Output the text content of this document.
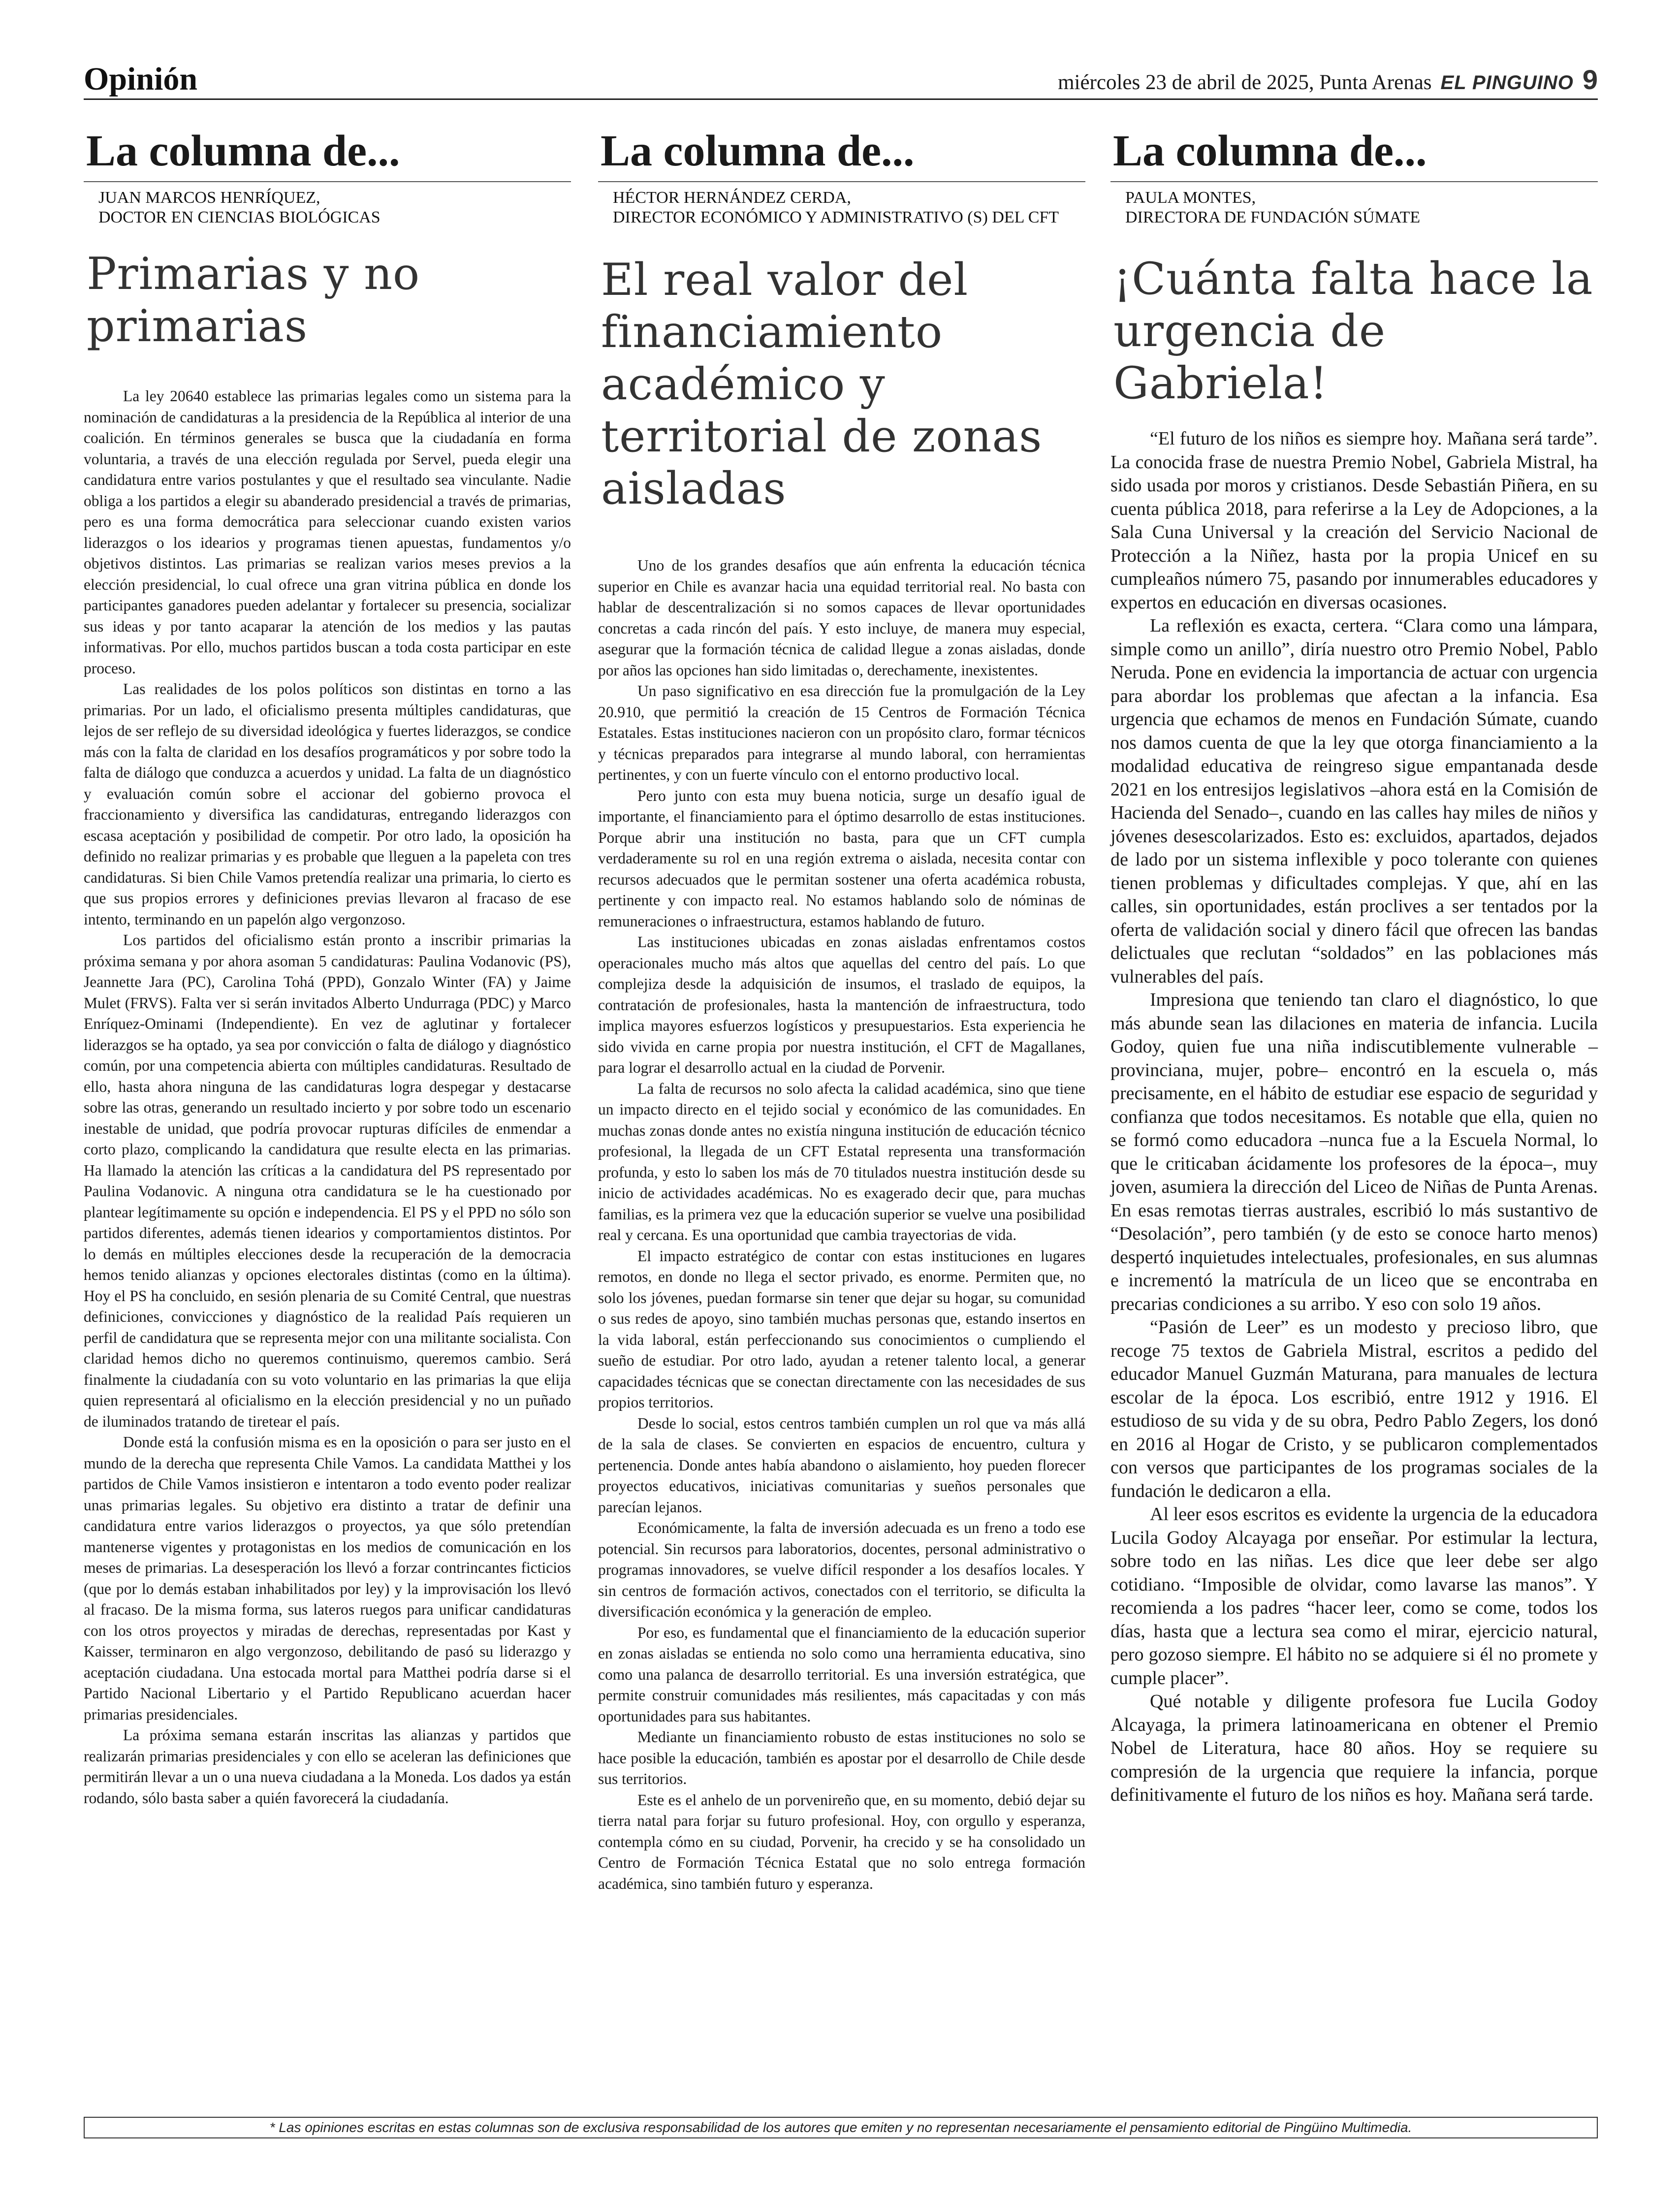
Opinión	miércoles 23 de abril de 2025, Punta Arenas EL PINGUINO 9
La columna de...
JUAN MARCOS HENRÍQUEZ,
DOCTOR EN CIENCIAS BIOLÓGICAS
Primarias y no primarias

La ley 20640 establece las primarias legales como un sistema para la nominación de candidaturas a la presidencia de la República al interior de una coalición. En términos generales se busca que la ciudadanía en forma voluntaria, a través de una elección regulada por Servel, pueda elegir una candidatura entre varios postulantes y que el resultado sea vinculante. Nadie obliga a los partidos a elegir su abanderado presidencial a través de primarias, pero es una forma democrática para seleccionar cuando existen varios liderazgos o los idearios y programas tienen apuestas, fundamentos y/o objetivos distintos. Las primarias se realizan varios meses previos a la elección presidencial, lo cual ofrece una gran vitrina pública en donde los participantes ganadores pueden adelantar y fortalecer su presencia, socializar sus ideas y por tanto acaparar la atención de los medios y las pautas informativas. Por ello, muchos partidos buscan a toda costa participar en este proceso.

Las realidades de los polos políticos son distintas en torno a las primarias. Por un lado, el oficialismo presenta múltiples candidaturas, que lejos de ser reflejo de su diversidad ideológica y fuertes liderazgos, se condice más con la falta de claridad en los desafíos programáticos y por sobre todo la falta de diálogo que conduzca a acuerdos y unidad. La falta de un diagnóstico y evaluación común sobre el accionar del gobierno provoca el fraccionamiento y diversifica las candidaturas, entregando liderazgos con escasa aceptación y posibilidad de competir. Por otro lado, la oposición ha definido no realizar primarias y es probable que lleguen a la papeleta con tres candidaturas. Si bien Chile Vamos pretendía realizar una primaria, lo cierto es que sus propios errores y definiciones previas llevaron al fracaso de ese intento, terminando en un papelón algo vergonzoso.

Los partidos del oficialismo están pronto a inscribir primarias la próxima semana y por ahora asoman 5 candidaturas: Paulina Vodanovic (PS), Jeannette Jara (PC), Carolina Tohá (PPD), Gonzalo Winter (FA) y Jaime Mulet (FRVS). Falta ver si serán invitados Alberto Undurraga (PDC) y Marco Enríquez-Ominami (Independiente). En vez de aglutinar y fortalecer liderazgos se ha optado, ya sea por convicción o falta de diálogo y diagnóstico común, por una competencia abierta con múltiples candidaturas. Resultado de ello, hasta ahora ninguna de las candidaturas logra despegar y destacarse sobre las otras, generando un resultado incierto y por sobre todo un escenario inestable de unidad, que podría provocar rupturas difíciles de enmendar a corto plazo, complicando la candidatura que resulte electa en las primarias. Ha llamado la atención las críticas a la candidatura del PS representado por Paulina Vodanovic. A ninguna otra candidatura se le ha cuestionado por plantear legítimamente su opción e independencia. El PS y el PPD no sólo son partidos diferentes, además tienen idearios y comportamientos distintos. Por lo demás en múltiples elecciones desde la recuperación de la democracia hemos tenido alianzas y opciones electorales distintas (como en la última). Hoy el PS ha concluido, en sesión plenaria de su Comité Central, que nuestras definiciones, convicciones y diagnóstico de la realidad País requieren un perfil de candidatura que se representa mejor con una militante socialista. Con claridad hemos dicho no queremos continuismo, queremos cambio. Será finalmente la ciudadanía con su voto voluntario en las primarias la que elija quien representará al oficialismo en la elección presidencial y no un puñado de iluminados tratando de tiretear el país.

Donde está la confusión misma es en la oposición o para ser justo en el mundo de la derecha que representa Chile Vamos. La candidata Matthei y los partidos de Chile Vamos insistieron e intentaron a todo evento poder realizar unas primarias legales. Su objetivo era distinto a tratar de definir una candidatura entre varios liderazgos o proyectos, ya que sólo pretendían mantenerse vigentes y protagonistas en los medios de comunicación en los meses de primarias. La desesperación los llevó a forzar contrincantes ficticios (que por lo demás estaban inhabilitados por ley) y la improvisación los llevó al fracaso. De la misma forma, sus lateros ruegos para unificar candidaturas con los otros proyectos y miradas de derechas, representadas por Kast y Kaisser, terminaron en algo vergonzoso, debilitando de pasó su liderazgo y aceptación ciudadana. Una estocada mortal para Matthei podría darse si el Partido Nacional Libertario y el Partido Republicano acuerdan hacer primarias presidenciales.

La próxima semana estarán inscritas las alianzas y partidos que realizarán primarias presidenciales y con ello se aceleran las definiciones que permitirán llevar a un o una nueva ciudadana a la Moneda. Los dados ya están rodando, sólo basta saber a quién favorecerá la ciudadanía.

La columna de...
HÉCTOR HERNÁNDEZ CERDA,
DIRECTOR ECONÓMICO Y ADMINISTRATIVO (S) DEL CFT
El real valor del financiamiento académico y territorial de zonas aisladas

Uno de los grandes desafíos que aún enfrenta la educación técnica superior en Chile es avanzar hacia una equidad territorial real. No basta con hablar de descentralización si no somos capaces de llevar oportunidades concretas a cada rincón del país. Y esto incluye, de manera muy especial, asegurar que la formación técnica de calidad llegue a zonas aisladas, donde por años las opciones han sido limitadas o, derechamente, inexistentes.

Un paso significativo en esa dirección fue la promulgación de la Ley 20.910, que permitió la creación de 15 Centros de Formación Técnica Estatales. Estas instituciones nacieron con un propósito claro, formar técnicos y técnicas preparados para integrarse al mundo laboral, con herramientas pertinentes, y con un fuerte vínculo con el entorno productivo local.

Pero junto con esta muy buena noticia, surge un desafío igual de importante, el financiamiento para el óptimo desarrollo de estas instituciones. Porque abrir una institución no basta, para que un CFT cumpla verdaderamente su rol en una región extrema o aislada, necesita contar con recursos adecuados que le permitan sostener una oferta académica robusta, pertinente y con impacto real. No estamos hablando solo de nóminas de remuneraciones o infraestructura, estamos hablando de futuro.

Las instituciones ubicadas en zonas aisladas enfrentamos costos operacionales mucho más altos que aquellas del centro del país. Lo que complejiza desde la adquisición de insumos, el traslado de equipos, la contratación de profesionales, hasta la mantención de infraestructura, todo implica mayores esfuerzos logísticos y presupuestarios. Esta experiencia he sido vivida en carne propia por nuestra institución, el CFT de Magallanes, para lograr el desarrollo actual en la ciudad de Porvenir.

La falta de recursos no solo afecta la calidad académica, sino que tiene un impacto directo en el tejido social y económico de las comunidades. En muchas zonas donde antes no existía ninguna institución de educación técnico profesional, la llegada de un CFT Estatal representa una transformación profunda, y esto lo saben los más de 70 titulados nuestra institución desde su inicio de actividades académicas. No es exagerado decir que, para muchas familias, es la primera vez que la educación superior se vuelve una posibilidad real y cercana. Es una oportunidad que cambia trayectorias de vida.

El impacto estratégico de contar con estas instituciones en lugares remotos, en donde no llega el sector privado, es enorme. Permiten que, no solo los jóvenes, puedan formarse sin tener que dejar su hogar, su comunidad o sus redes de apoyo, sino también muchas personas que, estando insertos en la vida laboral, están perfeccionando sus conocimientos o cumpliendo el sueño de estudiar. Por otro lado, ayudan a retener talento local, a generar capacidades técnicas que se conectan directamente con las necesidades de sus propios territorios.

Desde lo social, estos centros también cumplen un rol que va más allá de la sala de clases. Se convierten en espacios de encuentro, cultura y pertenencia. Donde antes había abandono o aislamiento, hoy pueden florecer proyectos educativos, iniciativas comunitarias y sueños personales que parecían lejanos.

Económicamente, la falta de inversión adecuada es un freno a todo ese potencial. Sin recursos para laboratorios, docentes, personal administrativo o programas innovadores, se vuelve difícil responder a los desafíos locales. Y sin centros de formación activos, conectados con el territorio, se dificulta la diversificación económica y la generación de empleo.

Por eso, es fundamental que el financiamiento de la educación superior en zonas aisladas se entienda no solo como una herramienta educativa, sino como una palanca de desarrollo territorial. Es una inversión estratégica, que permite construir comunidades más resilientes, más capacitadas y con más oportunidades para sus habitantes.

Mediante un financiamiento robusto de estas instituciones no solo se hace posible la educación, también es apostar por el desarrollo de Chile desde sus territorios.

Este es el anhelo de un porvenireño que, en su momento, debió dejar su tierra natal para forjar su futuro profesional. Hoy, con orgullo y esperanza, contempla cómo en su ciudad, Porvenir, ha crecido y se ha consolidado un Centro de Formación Técnica Estatal que no solo entrega formación académica, sino también futuro y esperanza.

La columna de...
PAULA MONTES,
DIRECTORA DE FUNDACIÓN SÚMATE
¡Cuánta falta hace la urgencia de Gabriela!

“El futuro de los niños es siempre hoy. Mañana será tarde”. La conocida frase de nuestra Premio Nobel, Gabriela Mistral, ha sido usada por moros y cristianos. Desde Sebastián Piñera, en su cuenta pública 2018, para referirse a la Ley de Adopciones, a la Sala Cuna Universal y la creación del Servicio Nacional de Protección a la Niñez, hasta por la propia Unicef en su cumpleaños número 75, pasando por innumerables educadores y expertos en educación en diversas ocasiones.

La reflexión es exacta, certera. “Clara como una lámpara, simple como un anillo”, diría nuestro otro Premio Nobel, Pablo Neruda. Pone en evidencia la importancia de actuar con urgencia para abordar los problemas que afectan a la infancia. Esa urgencia que echamos de menos en Fundación Súmate, cuando nos damos cuenta de que la ley que otorga financiamiento a la modalidad educativa de reingreso sigue empantanada desde 2021 en los entresijos legislativos –ahora está en la Comisión de Hacienda del Senado–, cuando en las calles hay miles de niños y jóvenes desescolarizados. Esto es: excluidos, apartados, dejados de lado por un sistema inflexible y poco tolerante con quienes tienen problemas y dificultades complejas. Y que, ahí en las calles, sin oportunidades, están proclives a ser tentados por la oferta de validación social y dinero fácil que ofrecen las bandas delictuales que reclutan “soldados” en las poblaciones más vulnerables del país.

Impresiona que teniendo tan claro el diagnóstico, lo que más abunde sean las dilaciones en materia de infancia. Lucila Godoy, quien fue una niña indiscutiblemente vulnerable –provinciana, mujer, pobre– encontró en la escuela o, más precisamente, en el hábito de estudiar ese espacio de seguridad y confianza que todos necesitamos. Es notable que ella, quien no se formó como educadora –nunca fue a la Escuela Normal, lo que le criticaban ácidamente los profesores de la época–, muy joven, asumiera la dirección del Liceo de Niñas de Punta Arenas. En esas remotas tierras australes, escribió lo más sustantivo de “Desolación”, pero también (y de esto se conoce harto menos) despertó inquietudes intelectuales, profesionales, en sus alumnas e incrementó la matrícula de un liceo que se encontraba en precarias condiciones a su arribo. Y eso con solo 19 años.

“Pasión de Leer” es un modesto y precioso libro, que recoge 75 textos de Gabriela Mistral, escritos a pedido del educador Manuel Guzmán Maturana, para manuales de lectura escolar de la época. Los escribió, entre 1912 y 1916. El estudioso de su vida y de su obra, Pedro Pablo Zegers, los donó en 2016 al Hogar de Cristo, y se publicaron complementados con versos que participantes de los programas sociales de la fundación le dedicaron a ella.

Al leer esos escritos es evidente la urgencia de la educadora Lucila Godoy Alcayaga por enseñar. Por estimular la lectura, sobre todo en las niñas. Les dice que leer debe ser algo cotidiano. “Imposible de olvidar, como lavarse las manos”. Y recomienda a los padres “hacer leer, como se come, todos los días, hasta que a lectura sea como el mirar, ejercicio natural, pero gozoso siempre. El hábito no se adquiere si él no promete y cumple placer”.

Qué notable y diligente profesora fue Lucila Godoy Alcayaga, la primera latinoamericana en obtener el Premio Nobel de Literatura, hace 80 años. Hoy se requiere su compresión de la urgencia que requiere la infancia, porque definitivamente el futuro de los niños es hoy. Mañana será tarde.

* Las opiniones escritas en estas columnas son de exclusiva responsabilidad de los autores que emiten y no representan necesariamente el pensamiento editorial de Pingüino Multimedia.
